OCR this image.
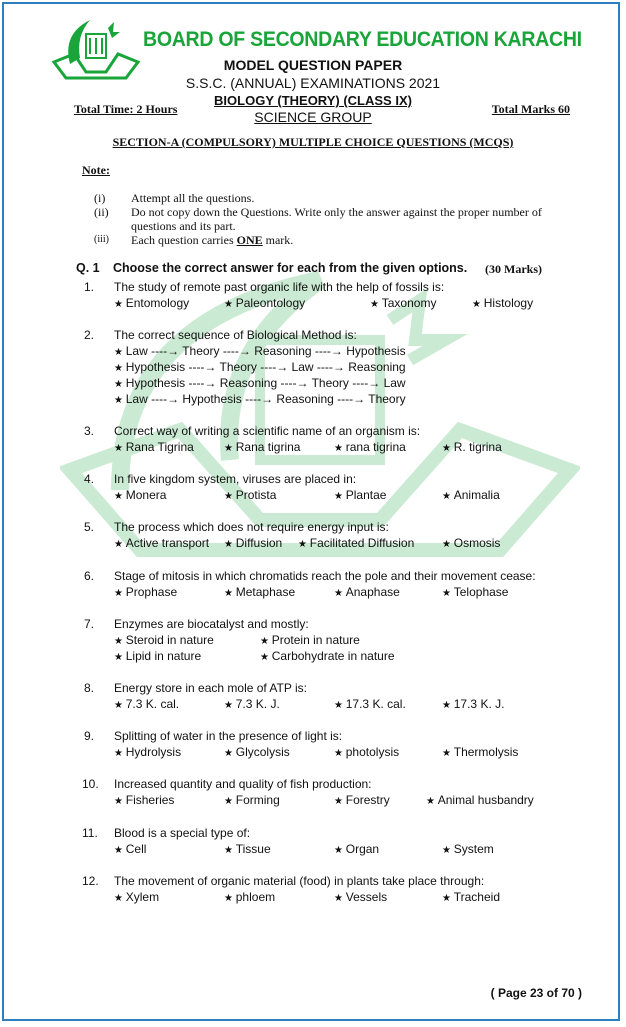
BOARD OF SECONDARY EDUCATION KARACHI
MODEL QUESTION PAPER
S.S.C. (ANNUAL) EXAMINATIONS 2021
BIOLOGY (THEORY) (CLASS IX)
SCIENCE GROUP
Total Time: 2 Hours	Total Marks 60
SECTION-A (COMPULSORY) MULTIPLE CHOICE QUESTIONS (MCQS)
Note:
(i) Attempt all the questions.
(ii) Do not copy down the Questions. Write only the answer against the proper number of
questions and its part.
(iii) Each question carries ONE mark.
Q. 1 Choose the correct answer for each from the given options. (30 Marks)
1.	The study of remote past organic life with the help of fossils is:
★ Entomology	★ Paleontology	★ Taxonomy	★ Histology
2.	The correct sequence of Biological Method is:
★ Law ----→ Theory ----→ Reasoning ----→ Hypothesis
★ Hypothesis ----→ Theory ----→ Law ----→ Reasoning
★ Hypothesis ----→ Reasoning ----→ Theory ----→ Law
★ Law ----→ Hypothesis ----→ Reasoning ----→ Theory
3.	Correct way of writing a scientific name of an organism is:
★ Rana Tigrina	★ Rana tigrina	★ rana tigrina	★ R. tigrina
4.	In five kingdom system, viruses are placed in:
★ Monera	★ Protista	★ Plantae	★ Animalia
5.	The process which does not require energy input is:
★ Active transport ★ Diffusion ★ Facilitated Diffusion	★ Osmosis
6.	Stage of mitosis in which chromatids reach the pole and their movement cease:
★ Prophase	★ Metaphase	★ Anaphase	★ Telophase
7.	Enzymes are biocatalyst and mostly:
★ Steroid in nature	★ Protein in nature
★ Lipid in nature	★ Carbohydrate in nature
8.	Energy store in each mole of ATP is:
★ 7.3 K. cal.	★ 7.3 K. J.	★ 17.3 K. cal.	★ 17.3 K. J.
9.	Splitting of water in the presence of light is:
★ Hydrolysis	★ Glycolysis	★ photolysis	★ Thermolysis
10.	Increased quantity and quality of fish production:
★ Fisheries	★ Forming	★ Forestry	★ Animal husbandry
11.	Blood is a special type of:
★ Cell	★ Tissue	★ Organ	★ System
12.	The movement of organic material (food) in plants take place through:
★ Xylem	★ phloem	★ Vessels	★ Tracheid
( Page 23 of 70 )
